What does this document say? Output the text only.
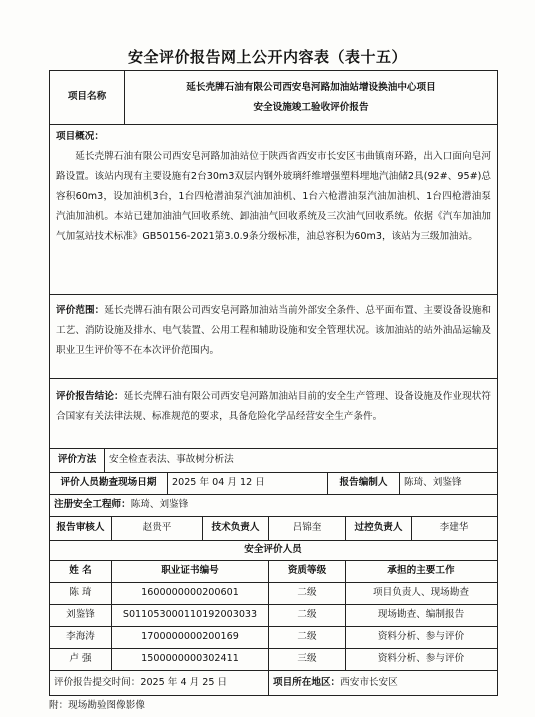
安全评价报告网上公开内容表（表十五）
项目名称
延长壳牌石油有限公司西安皂河路加油站增设换油中心项目
安全设施竣工验收评价报告
项目概况：
延长壳牌石油有限公司西安皂河路加油站位于陕西省西安市长安区韦曲镇南环路，出入口面向皂河路设置。该站内现有主要设施有2台30m3双层内钢外玻璃纤维增强塑料埋地汽油储2具(92#、95#)总容积60m3，设加油机3台，1台四枪潜油泵汽油加油机、1台六枪潜油泵汽油加油机、1台四枪潜油泵汽油加油机。本站已建加油油气回收系统、卸油油气回收系统及三次油气回收系统。依据《汽车加油加气加氢站技术标准》GB50156-2021第3.0.9条分级标准，油总容积为60m3，该站为三级加油站。
评价范围：延长壳牌石油有限公司西安皂河路加油站当前外部安全条件、总平面布置、主要设备设施和工艺、消防设施及排水、电气装置、公用工程和辅助设施和安全管理状况。该加油站的站外油品运输及职业卫生评价等不在本次评价范围内。
评价报告结论：延长壳牌石油有限公司西安皂河路加油站目前的安全生产管理、设备设施及作业现状符合国家有关法律法规、标准规范的要求，具备危险化学品经营安全生产条件。
评价方法	安全检查表法、事故树分析法
评价人员勘查现场日期	2025 年 04 月 12 日	报告编制人	陈琦、刘鉴锋
注册安全工程师： 陈琦、刘鉴锋
报告审核人	赵贵平	技术负责人	吕锦奎	过控负责人	李建华
安全评价人员
姓 名	职业证书编号	资质等级	承担的主要工作
陈 琦	1600000000200601	二级	项目负责人、现场勘查
刘鉴锋	S011053000110192003033	二级	现场勘查、编制报告
李海涛	1700000000200169	二级	资料分析、参与评价
卢 强	1500000000302411	三级	资料分析、参与评价
评价报告提交时间： 2025 年 4 月 25 日	项目所在地区： 西安市长安区
附：现场勘验图像影像
